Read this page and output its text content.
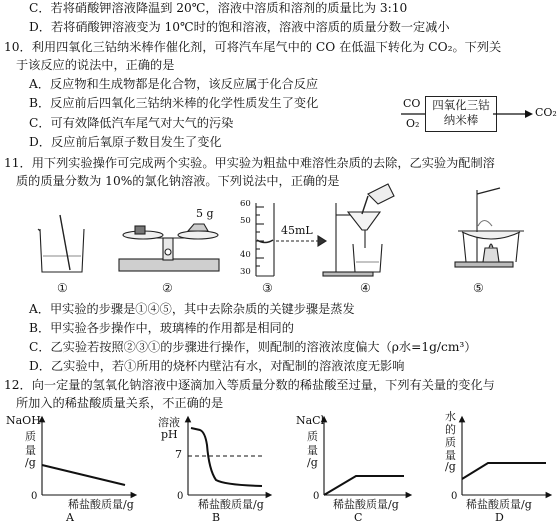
C．若将硝酸钾溶液降温到 20℃，溶液中溶质和溶剂的质量比为 3:10
D．若将硝酸钾溶液变为 10℃时的饱和溶液，溶液中溶质的质量分数一定减小
10．利用四氧化三钴纳米棒作催化剂，可将汽车尾气中的 CO 在低温下转化为 CO₂。下列关
于该反应的说法中，正确的是
A．反应物和生成物都是化合物，该反应属于化合反应
B．反应前后四氧化三钴纳米棒的化学性质发生了变化
C．可有效降低汽车尾气对大气的污染
D．反应前后氧原子数目发生了变化
CO
O₂
四氧化三钴
纳米棒
CO₂
11．用下列实验操作可完成两个实验。甲实验为粗盐中难溶性杂质的去除，乙实验为配制溶
质的质量分数为 10%的氯化钠溶液。下列说法中，正确的是
5 g
60
50
40
30
45mL
①	②	③	④	⑤
A．甲实验的步骤是①④⑤，其中去除杂质的关键步骤是蒸发
B．甲实验各步操作中，玻璃棒的作用都是相同的
C．乙实验若按照②③①的步骤进行操作，则配制的溶液浓度偏大（ρ水=1g/cm³）
D．乙实验中，若①所用的烧杯内壁沾有水，对配制的溶液浓度无影响
12．向一定量的氢氧化钠溶液中逐滴加入等质量分数的稀盐酸至过量，下列有关量的变化与
所加入的稀盐酸质量关系，不正确的是
NaOH
质
量
/g
0
稀盐酸质量/g
A
溶液
pH
7
0
稀盐酸质量/g
B
NaCl
质
量
/g
0
稀盐酸质量/g
C
水
的
质
量
/g
0
稀盐酸质量/g
D
